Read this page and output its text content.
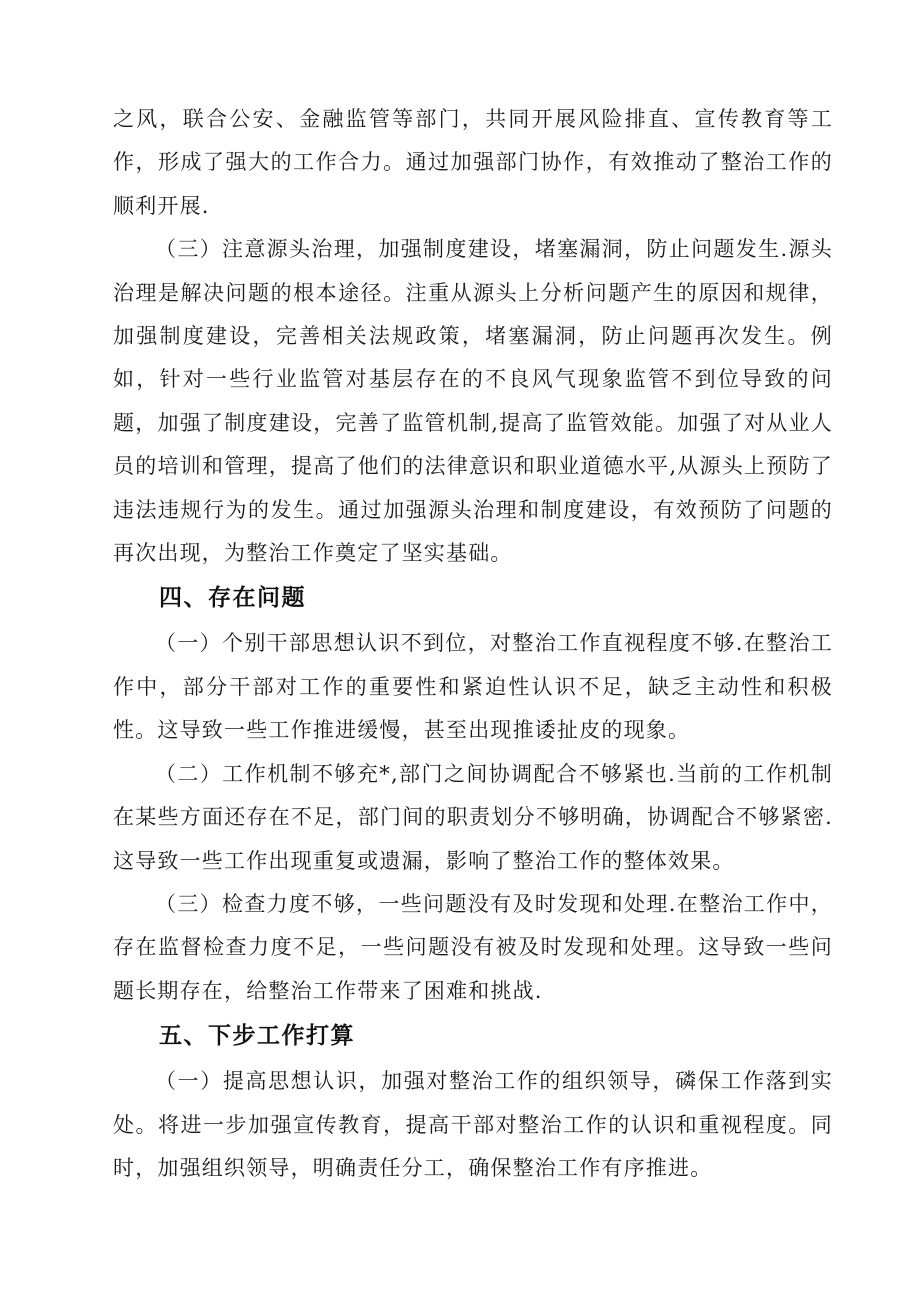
之风，联合公安、金融监管等部门，共同开展风险排直、宣传教育等工作，形成了强大的工作合力。通过加强部门协作，有效推动了整治工作的顺利开展.

（三）注意源头治理，加强制度建设，堵塞漏洞，防止问题发生.源头治理是解决问题的根本途径。注重从源头上分析问题产生的原因和规律，加强制度建设，完善相关法规政策，堵塞漏洞，防止问题再次发生。例如，针对一些行业监管对基层存在的不良风气现象监管不到位导致的问题，加强了制度建设，完善了监管机制,提高了监管效能。加强了对从业人员的培训和管理，提高了他们的法律意识和职业道德水平,从源头上预防了违法违规行为的发生。通过加强源头治理和制度建设，有效预防了问题的再次出现，为整治工作奠定了坚实基础。

四、存在问题

（一）个别干部思想认识不到位，对整治工作直视程度不够.在整治工作中，部分干部对工作的重要性和紧迫性认识不足，缺乏主动性和积极性。这导致一些工作推进缓慢，甚至出现推诿扯皮的现象。

（二）工作机制不够充*,部门之间协调配合不够紧也.当前的工作机制在某些方面还存在不足，部门间的职责划分不够明确，协调配合不够紧密.这导致一些工作出现重复或遗漏，影响了整治工作的整体效果。

（三）检查力度不够，一些问题没有及时发现和处理.在整治工作中，存在监督检查力度不足，一些问题没有被及时发现和处理。这导致一些问题长期存在，给整治工作带来了困难和挑战.

五、下步工作打算

（一）提高思想认识，加强对整治工作的组织领导，磷保工作落到实处。将进一步加强宣传教育，提高干部对整治工作的认识和重视程度。同时，加强组织领导，明确责任分工，确保整治工作有序推进。
